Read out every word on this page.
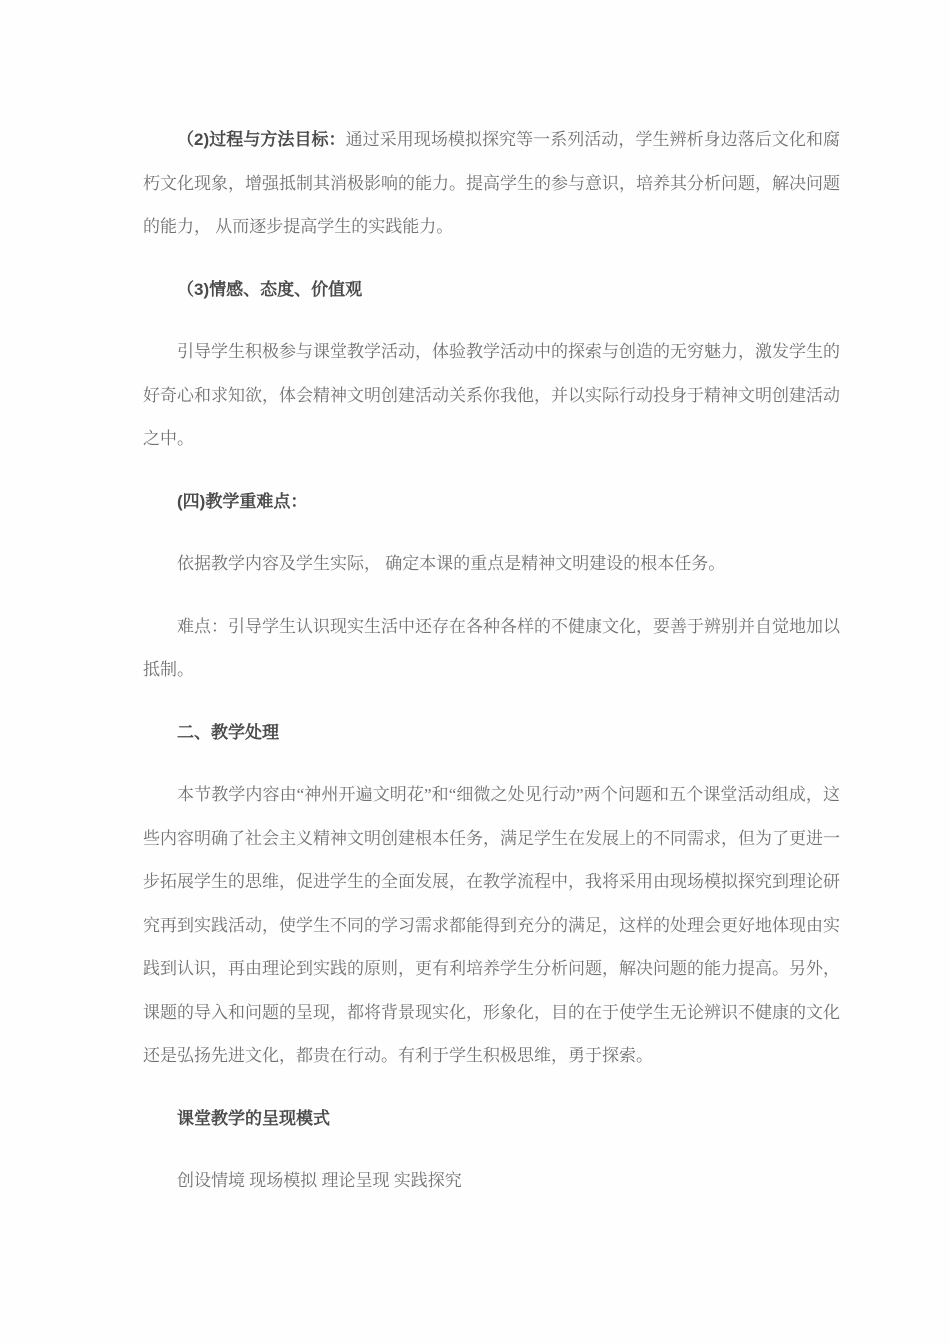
（2)过程与方法目标：通过采用现场模拟探究等一系列活动，学生辨析身边落后文化和腐朽文化现象，增强抵制其消极影响的能力。提高学生的参与意识，培养其分析问题，解决问题的能力， 从而逐步提高学生的实践能力。

（3)情感、态度、价值观

引导学生积极参与课堂教学活动，体验教学活动中的探索与创造的无穷魅力，激发学生的好奇心和求知欲，体会精神文明创建活动关系你我他，并以实际行动投身于精神文明创建活动之中。

(四)教学重难点：

依据教学内容及学生实际， 确定本课的重点是精神文明建设的根本任务。

难点：引导学生认识现实生活中还存在各种各样的不健康文化，要善于辨别并自觉地加以抵制。

二、教学处理

本节教学内容由“神州开遍文明花”和“细微之处见行动”两个问题和五个课堂活动组成，这些内容明确了社会主义精神文明创建根本任务，满足学生在发展上的不同需求，但为了更进一步拓展学生的思维，促进学生的全面发展，在教学流程中，我将采用由现场模拟探究到理论研究再到实践活动，使学生不同的学习需求都能得到充分的满足，这样的处理会更好地体现由实践到认识，再由理论到实践的原则，更有利培养学生分析问题，解决问题的能力提高。另外，课题的导入和问题的呈现，都将背景现实化，形象化，目的在于使学生无论辨识不健康的文化还是弘扬先进文化，都贵在行动。有利于学生积极思维，勇于探索。

课堂教学的呈现模式

创设情境 现场模拟 理论呈现 实践探究
